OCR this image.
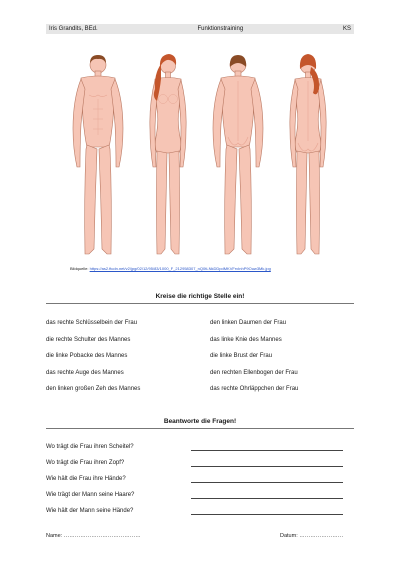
Iris Grandits, BEd.	Funktionstraining	KS
Bildquelle: https://as2.ftcdn.net/v2/jpg/02/12/95/83/1000_F_212958307_nQ0tLNkDDpdMKVFrvInhP9Ouw3Mk.jpg
Kreise die richtige Stelle ein!
das rechte Schlüsselbein der Frau
die rechte Schulter des Mannes
die linke Pobacke des Mannes
das rechte Auge des Mannes
den linken großen Zeh des Mannes
den linken Daumen der Frau
das linke Knie des Mannes
die linke Brust der Frau
den rechten Ellenbogen der Frau
das rechte Ohrläppchen der Frau
Beantworte die Fragen!
Wo trägt die Frau ihren Scheitel?
Wo trägt die Frau ihren Zopf?
Wie hält die Frau ihre Hände?
Wie trägt der Mann seine Haare?
Wie hält der Mann seine Hände?
Name: ……………………………………	Datum: ……………………
